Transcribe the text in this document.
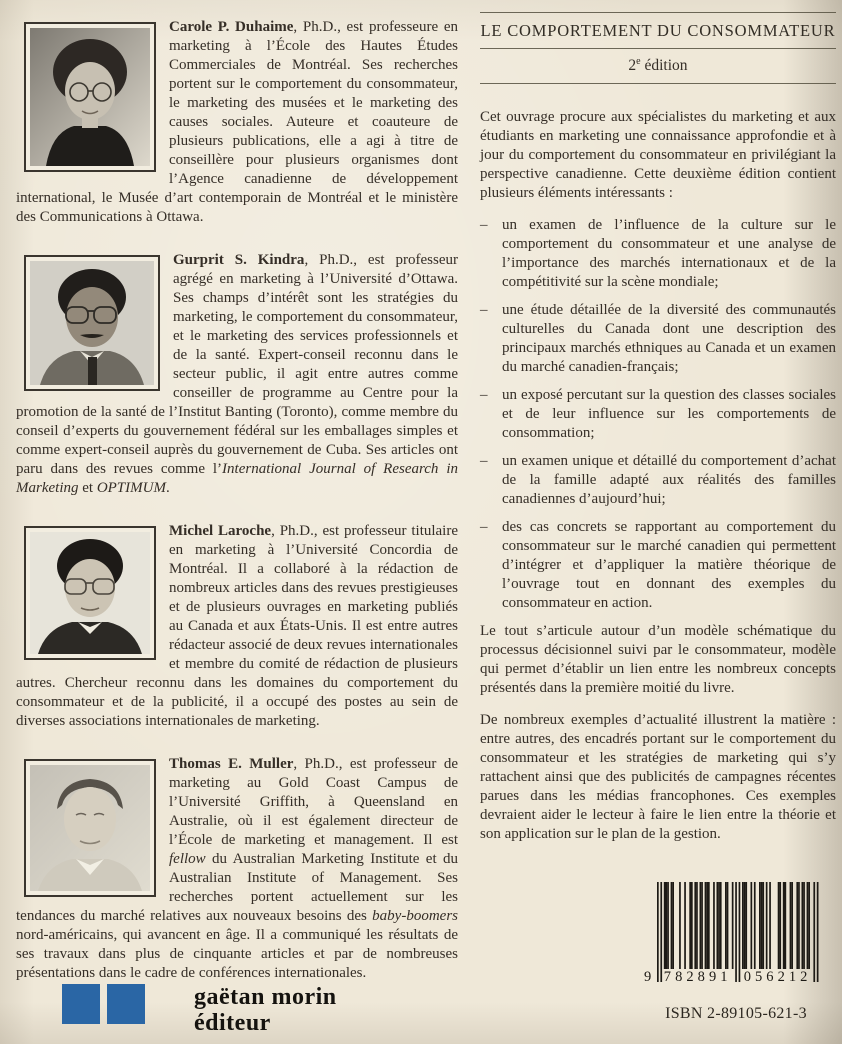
Carole P. Duhaime, Ph.D., est professeure en marketing à l’École des Hautes Études Commerciales de Montréal. Ses recherches portent sur le comportement du consommateur, le marketing des musées et le marketing des causes sociales. Auteure et coauteure de plusieurs publications, elle a agi à titre de conseillère pour plusieurs organismes dont l’Agence canadienne de développement international, le Musée d’art contemporain de Montréal et le ministère des Communications à Ottawa.

Gurprit S. Kindra, Ph.D., est professeur agrégé en marketing à l’Université d’Ottawa. Ses champs d’intérêt sont les stratégies du marketing, le comportement du consommateur, et le marketing des services professionnels et de la santé. Expert-conseil reconnu dans le secteur public, il agit entre autres comme conseiller de programme au Centre pour la promotion de la santé de l’Institut Banting (Toronto), comme membre du conseil d’experts du gouvernement fédéral sur les emballages simples et comme expert-conseil auprès du gouvernement de Cuba. Ses articles ont paru dans des revues comme l’International Journal of Research in Marketing et OPTIMUM.

Michel Laroche, Ph.D., est professeur titulaire en marketing à l’Université Concordia de Montréal. Il a collaboré à la rédaction de nombreux articles dans des revues prestigieuses et de plusieurs ouvrages en marketing publiés au Canada et aux États-Unis. Il est entre autres rédacteur associé de deux revues internationales et membre du comité de rédaction de plusieurs autres. Chercheur reconnu dans les domaines du comportement du consommateur et de la publicité, il a occupé des postes au sein de diverses associations internationales de marketing.

Thomas E. Muller, Ph.D., est professeur de marketing au Gold Coast Campus de l’Université Griffith, à Queensland en Australie, où il est également directeur de l’École de marketing et management. Il est fellow du Australian Marketing Institute et du Australian Institute of Management. Ses recherches portent actuellement sur les tendances du marché relatives aux nouveaux besoins des baby-boomers nord-américains, qui avancent en âge. Il a communiqué les résultats de ses travaux dans plus de cinquante articles et par de nombreuses présentations dans le cadre de conférences internationales.

LE COMPORTEMENT DU CONSOMMATEUR
2e édition

Cet ouvrage procure aux spécialistes du marketing et aux étudiants en marketing une connaissance approfondie et à jour du comportement du consommateur en privilégiant la perspective canadienne. Cette deuxième édition contient plusieurs éléments intéressants :

– un examen de l’influence de la culture sur le comportement du consommateur et une analyse de l’importance des marchés internationaux et de la compétitivité sur la scène mondiale;
– une étude détaillée de la diversité des communautés culturelles du Canada dont une description des principaux marchés ethniques au Canada et un examen du marché canadien-français;
– un exposé percutant sur la question des classes sociales et de leur influence sur les comportements de consommation;
– un examen unique et détaillé du comportement d’achat de la famille adapté aux réalités des familles canadiennes d’aujourd’hui;
– des cas concrets se rapportant au comportement du consommateur sur le marché canadien qui permettent d’intégrer et d’appliquer la matière théorique de l’ouvrage tout en donnant des exemples du consommateur en action.

Le tout s’articule autour d’un modèle schématique du processus décisionnel suivi par le consommateur, modèle qui permet d’établir un lien entre les nombreux concepts présentés dans la première moitié du livre.

De nombreux exemples d’actualité illustrent la matière : entre autres, des encadrés portant sur le comportement du consommateur et les stratégies de marketing qui s’y rattachent ainsi que des publicités de campagnes récentes parues dans les médias francophones. Ces exemples devraient aider le lecteur à faire le lien entre la théorie et son application sur le plan de la gestion.

gaëtan morin
éditeur
9 782891 056212
ISBN 2-89105-621-3
